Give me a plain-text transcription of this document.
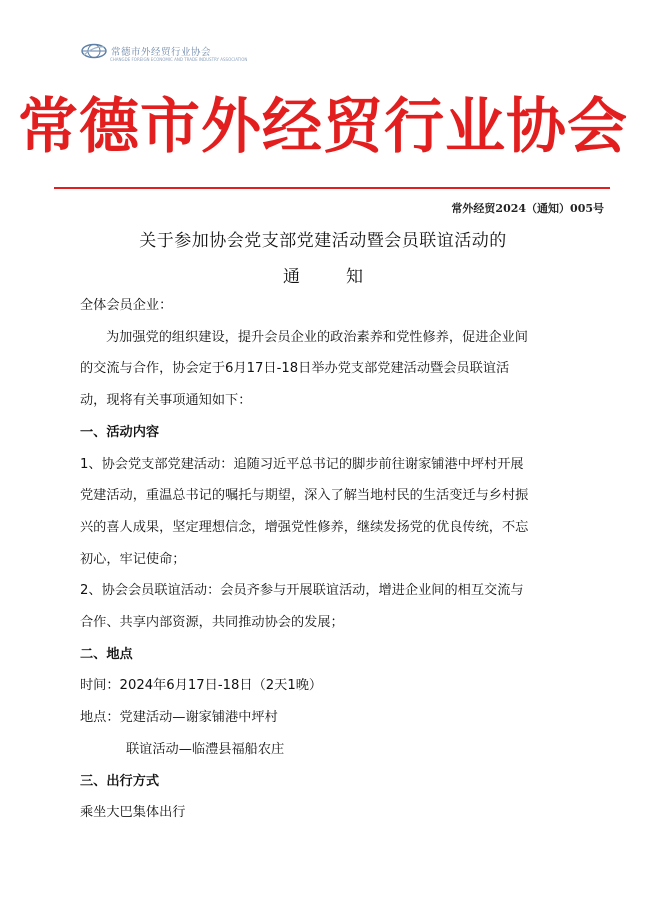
常德市外经贸行业协会
CHANGDE FOREIGN ECONOMIC AND TRADE INDUSTRY ASSOCIATION
常德市外经贸行业协会
常外经贸2024（通知）005号
关于参加协会党支部党建活动暨会员联谊活动的
通	知

全体会员企业：

为加强党的组织建设，提升会员企业的政治素养和党性修养，促进企业间

的交流与合作，协会定于6月17日-18日举办党支部党建活动暨会员联谊活

动，现将有关事项通知如下：

一、活动内容

1、协会党支部党建活动：追随习近平总书记的脚步前往谢家铺港中坪村开展

党建活动，重温总书记的嘱托与期望，深入了解当地村民的生活变迁与乡村振

兴的喜人成果，坚定理想信念，增强党性修养，继续发扬党的优良传统，不忘

初心，牢记使命；

2、协会会员联谊活动：会员齐参与开展联谊活动，增进企业间的相互交流与

合作、共享内部资源，共同推动协会的发展；

二、地点

时间：2024年6月17日-18日（2天1晚）

地点：党建活动—谢家铺港中坪村

联谊活动—临澧县福船农庄

三、出行方式

乘坐大巴集体出行
